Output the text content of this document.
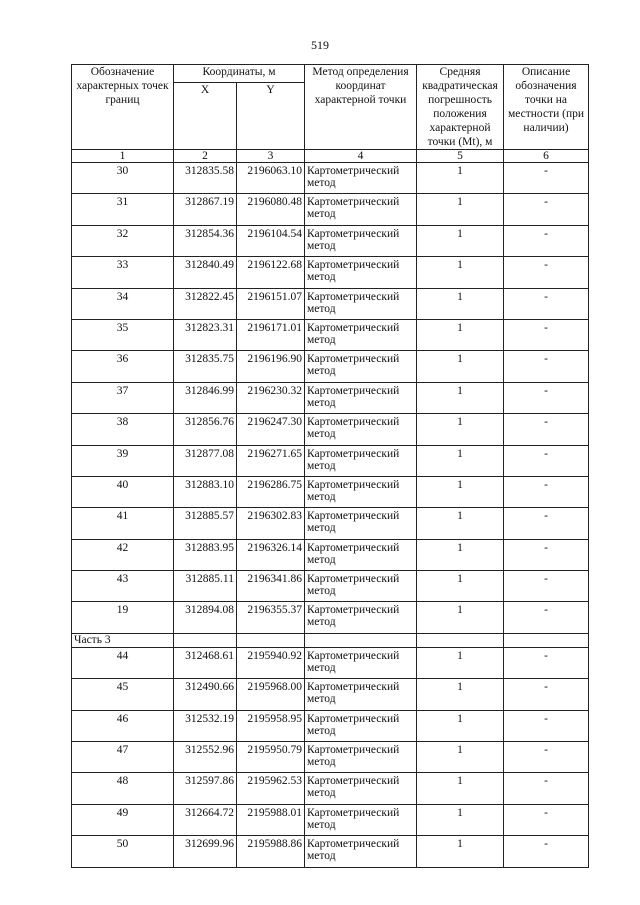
519
Обозначение характерных точек границ	Координаты, м		Метод определения координат характерной точки	Средняя квадратическая погрешность положения характерной точки (Mt), м	Описание обозначения точки на местности (при наличии)
	X	Y			
1	2	3	4	5	6
30	312835.58	2196063.10	Картометрический метод	1	-
31	312867.19	2196080.48	Картометрический метод	1	-
32	312854.36	2196104.54	Картометрический метод	1	-
33	312840.49	2196122.68	Картометрический метод	1	-
34	312822.45	2196151.07	Картометрический метод	1	-
35	312823.31	2196171.01	Картометрический метод	1	-
36	312835.75	2196196.90	Картометрический метод	1	-
37	312846.99	2196230.32	Картометрический метод	1	-
38	312856.76	2196247.30	Картометрический метод	1	-
39	312877.08	2196271.65	Картометрический метод	1	-
40	312883.10	2196286.75	Картометрический метод	1	-
41	312885.57	2196302.83	Картометрический метод	1	-
42	312883.95	2196326.14	Картометрический метод	1	-
43	312885.11	2196341.86	Картометрический метод	1	-
19	312894.08	2196355.37	Картометрический метод	1	-
Часть 3					
44	312468.61	2195940.92	Картометрический метод	1	-
45	312490.66	2195968.00	Картометрический метод	1	-
46	312532.19	2195958.95	Картометрический метод	1	-
47	312552.96	2195950.79	Картометрический метод	1	-
48	312597.86	2195962.53	Картометрический метод	1	-
49	312664.72	2195988.01	Картометрический метод	1	-
50	312699.96	2195988.86	Картометрический метод	1	-
